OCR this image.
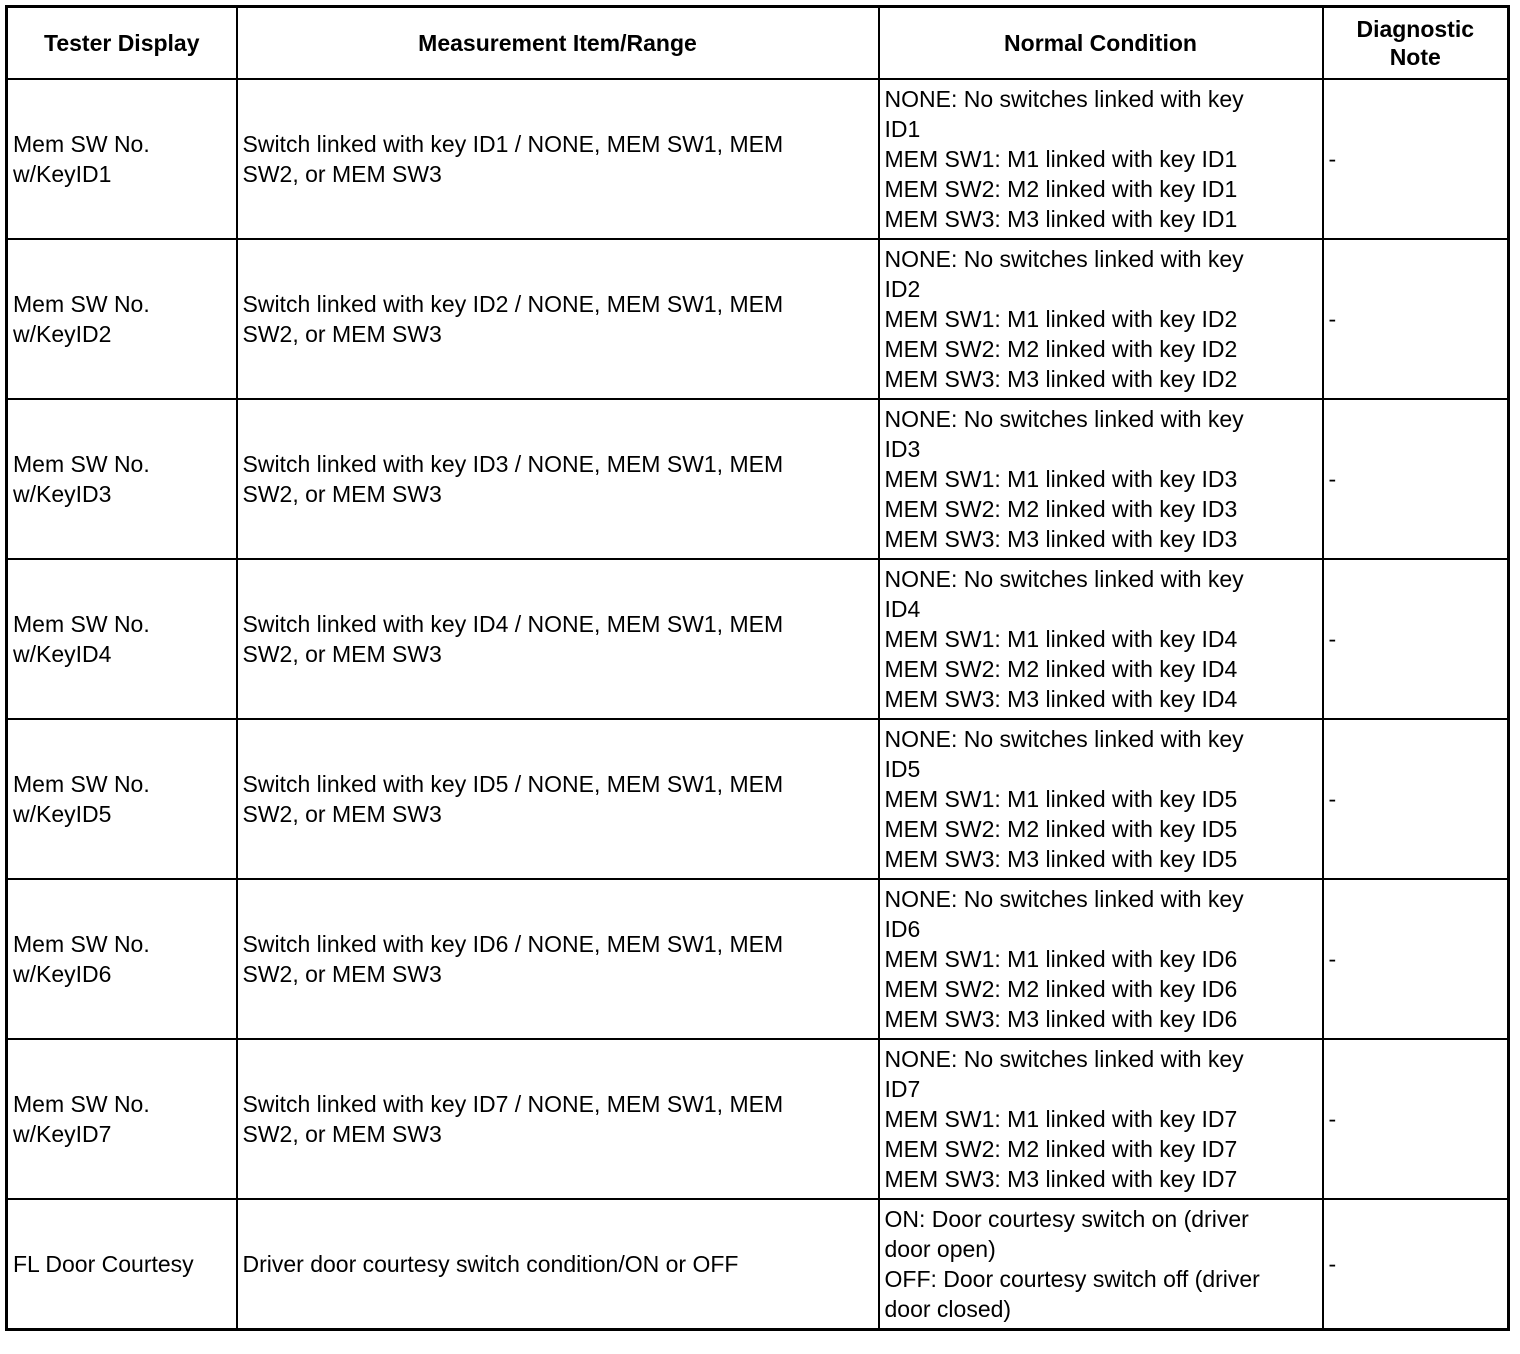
Tester Display	Measurement Item/Range	Normal Condition	Diagnostic
Note

Mem SW No.
w/KeyID1	Switch linked with key ID1 / NONE, MEM SW1, MEM
SW2, or MEM SW3	NONE: No switches linked with key
ID1
MEM SW1: M1 linked with key ID1
MEM SW2: M2 linked with key ID1
MEM SW3: M3 linked with key ID1	-

Mem SW No.
w/KeyID2	Switch linked with key ID2 / NONE, MEM SW1, MEM
SW2, or MEM SW3	NONE: No switches linked with key
ID2
MEM SW1: M1 linked with key ID2
MEM SW2: M2 linked with key ID2
MEM SW3: M3 linked with key ID2	-

Mem SW No.
w/KeyID3	Switch linked with key ID3 / NONE, MEM SW1, MEM
SW2, or MEM SW3	NONE: No switches linked with key
ID3
MEM SW1: M1 linked with key ID3
MEM SW2: M2 linked with key ID3
MEM SW3: M3 linked with key ID3	-

Mem SW No.
w/KeyID4	Switch linked with key ID4 / NONE, MEM SW1, MEM
SW2, or MEM SW3	NONE: No switches linked with key
ID4
MEM SW1: M1 linked with key ID4
MEM SW2: M2 linked with key ID4
MEM SW3: M3 linked with key ID4	-

Mem SW No.
w/KeyID5	Switch linked with key ID5 / NONE, MEM SW1, MEM
SW2, or MEM SW3	NONE: No switches linked with key
ID5
MEM SW1: M1 linked with key ID5
MEM SW2: M2 linked with key ID5
MEM SW3: M3 linked with key ID5	-

Mem SW No.
w/KeyID6	Switch linked with key ID6 / NONE, MEM SW1, MEM
SW2, or MEM SW3	NONE: No switches linked with key
ID6
MEM SW1: M1 linked with key ID6
MEM SW2: M2 linked with key ID6
MEM SW3: M3 linked with key ID6	-

Mem SW No.
w/KeyID7	Switch linked with key ID7 / NONE, MEM SW1, MEM
SW2, or MEM SW3	NONE: No switches linked with key
ID7
MEM SW1: M1 linked with key ID7
MEM SW2: M2 linked with key ID7
MEM SW3: M3 linked with key ID7	-

FL Door Courtesy	Driver door courtesy switch condition/ON or OFF	ON: Door courtesy switch on (driver
door open)
OFF: Door courtesy switch off (driver
door closed)	-
